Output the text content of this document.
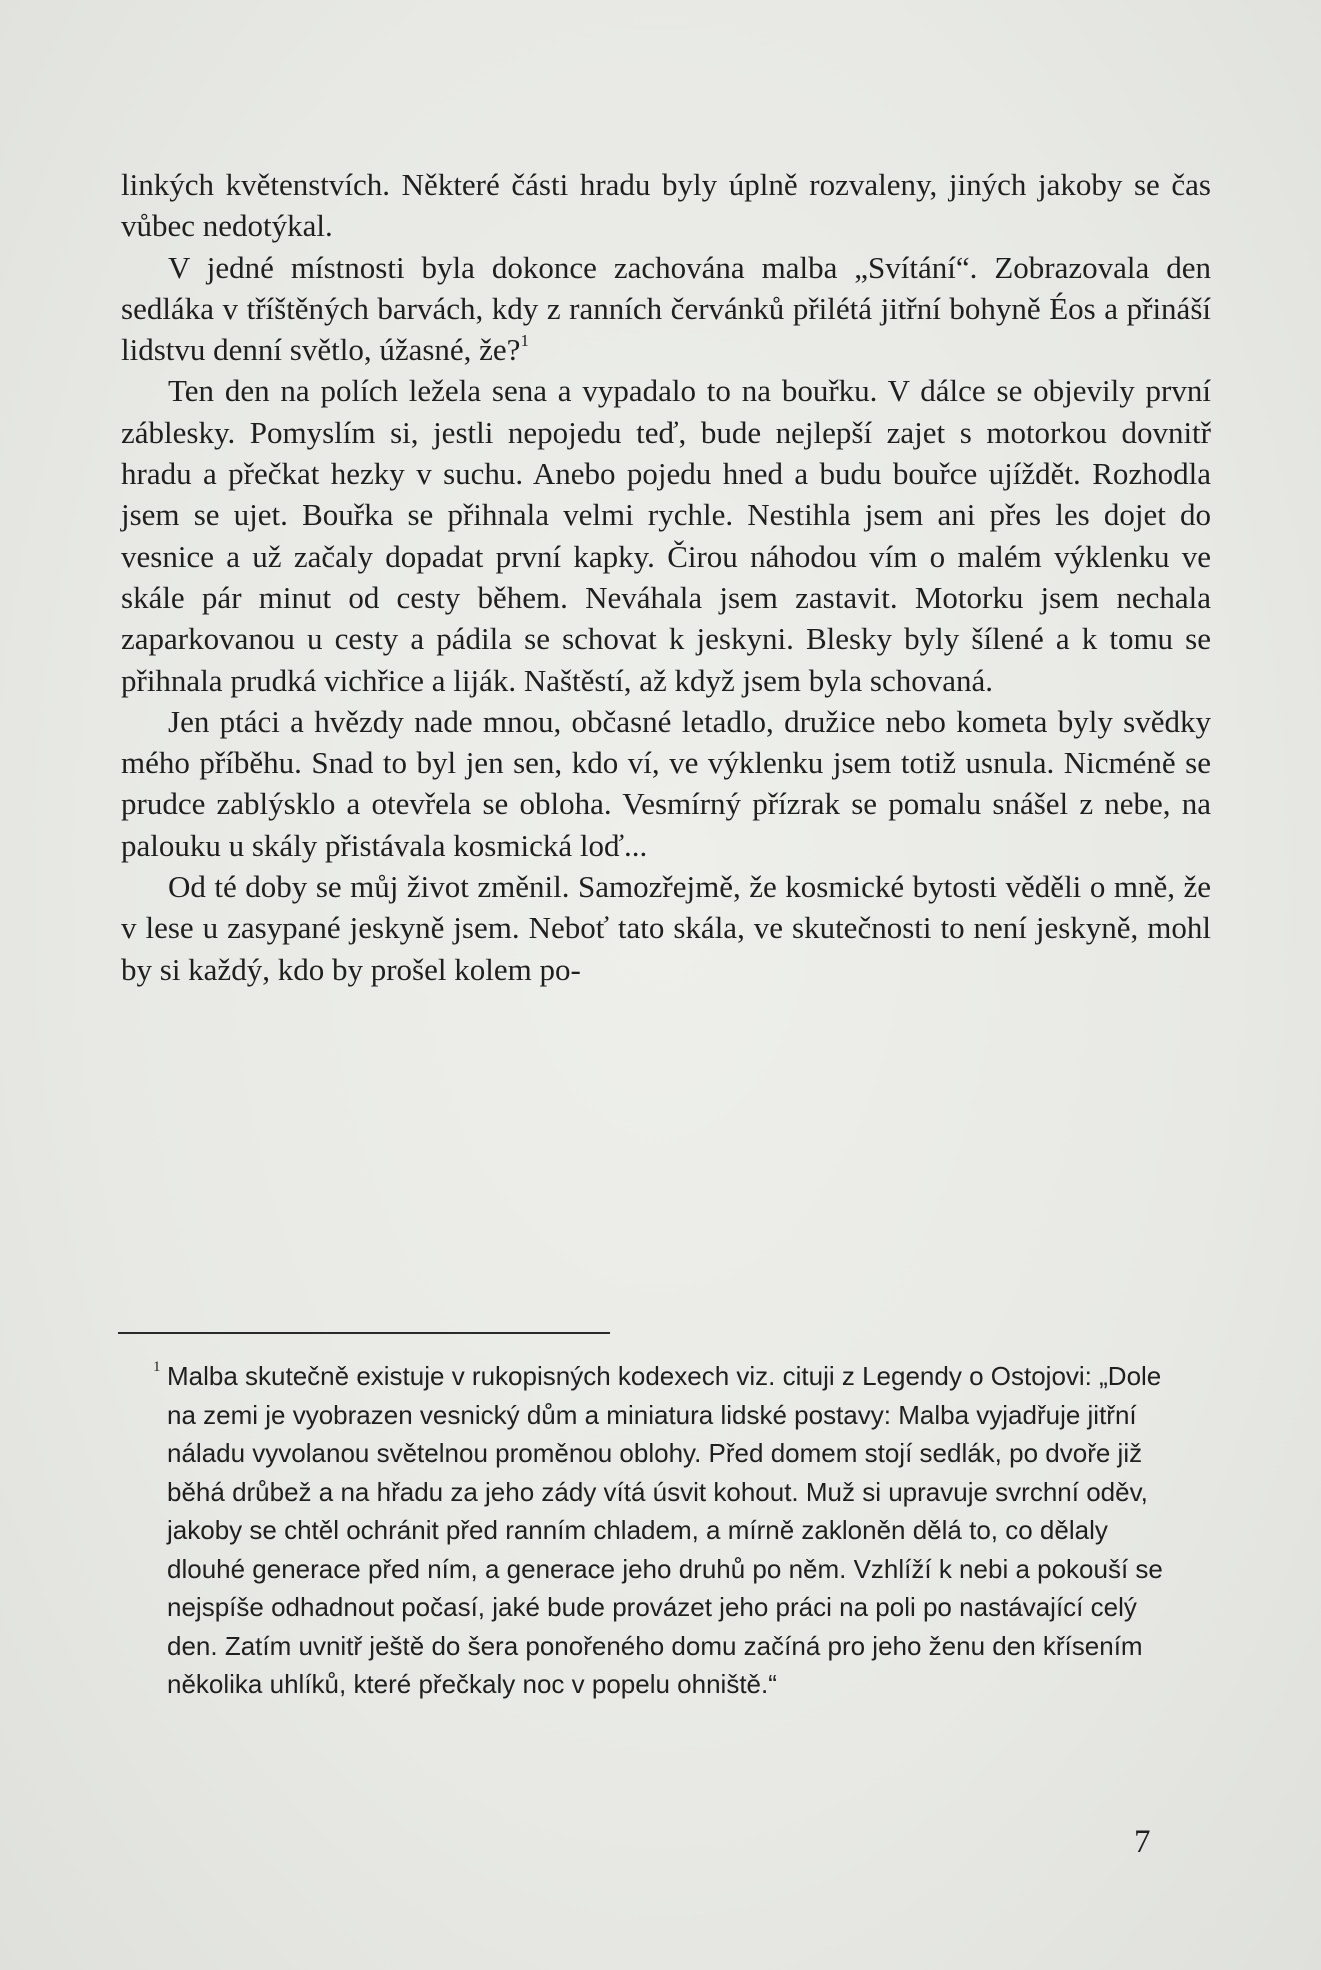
linkých květenstvích. Některé části hradu byly úplně rozvaleny, jiných jakoby se čas vůbec nedotýkal.

V jedné místnosti byla dokonce zachována malba „Svítání“. Zobrazovala den sedláka v tříštěných barvách, kdy z ranních červánků přilétá jitřní bohyně Éos a přináší lidstvu denní světlo, úžasné, že?$^1$

Ten den na polích ležela sena a vypadalo to na bouřku. V dálce se objevily první záblesky. Pomyslím si, jestli nepojedu teď, bude nejlepší zajet s motorkou dovnitř hradu a přečkat hezky v suchu. Anebo pojedu hned a budu bouřce ujíždět. Rozhodla jsem se ujet. Bouřka se přihnala velmi rychle. Nestihla jsem ani přes les dojet do vesnice a už začaly dopadat první kapky. Čirou náhodou vím o malém výklenku ve skále pár minut od cesty během. Neváhala jsem zastavit. Motorku jsem nechala zaparkovanou u cesty a pádila se schovat k jeskyni. Blesky byly šílené a k tomu se přihnala prudká vichřice a liják. Naštěstí, až když jsem byla schovaná.

Jen ptáci a hvězdy nade mnou, občasné letadlo, družice nebo kometa byly svědky mého příběhu. Snad to byl jen sen, kdo ví, ve výklenku jsem totiž usnula. Nicméně se prudce zablýsklo a otevřela se obloha. Vesmírný přízrak se pomalu snášel z nebe, na palouku u skály přistávala kosmická loď...

Od té doby se můj život změnil. Samozřejmě, že kosmické bytosti věděli o mně, že v lese u zasypané jeskyně jsem. Neboť tato skála, ve skutečnosti to není jeskyně, mohl by si každý, kdo by prošel kolem po-

1 Malba skutečně existuje v rukopisných kodexech viz. cituji z Legendy o Ostojovi: „Dole na zemi je vyobrazen vesnický dům a miniatura lidské postavy: Malba vyjadřuje jitřní náladu vyvolanou světelnou proměnou oblohy. Před domem stojí sedlák, po dvoře již běhá drůbež a na hřadu za jeho zády vítá úsvit kohout. Muž si upravuje svrchní oděv, jakoby se chtěl ochránit před ranním chladem, a mírně zakloněn dělá to, co dělaly dlouhé generace před ním, a generace jeho druhů po něm. Vzhlíží k nebi a pokouší se nejspíše odhadnout počasí, jaké bude provázet jeho práci na poli po nastávající celý den. Zatím uvnitř ještě do šera ponořeného domu začíná pro jeho ženu den křísením několika uhlíků, které přečkaly noc v popelu ohniště.“
7
